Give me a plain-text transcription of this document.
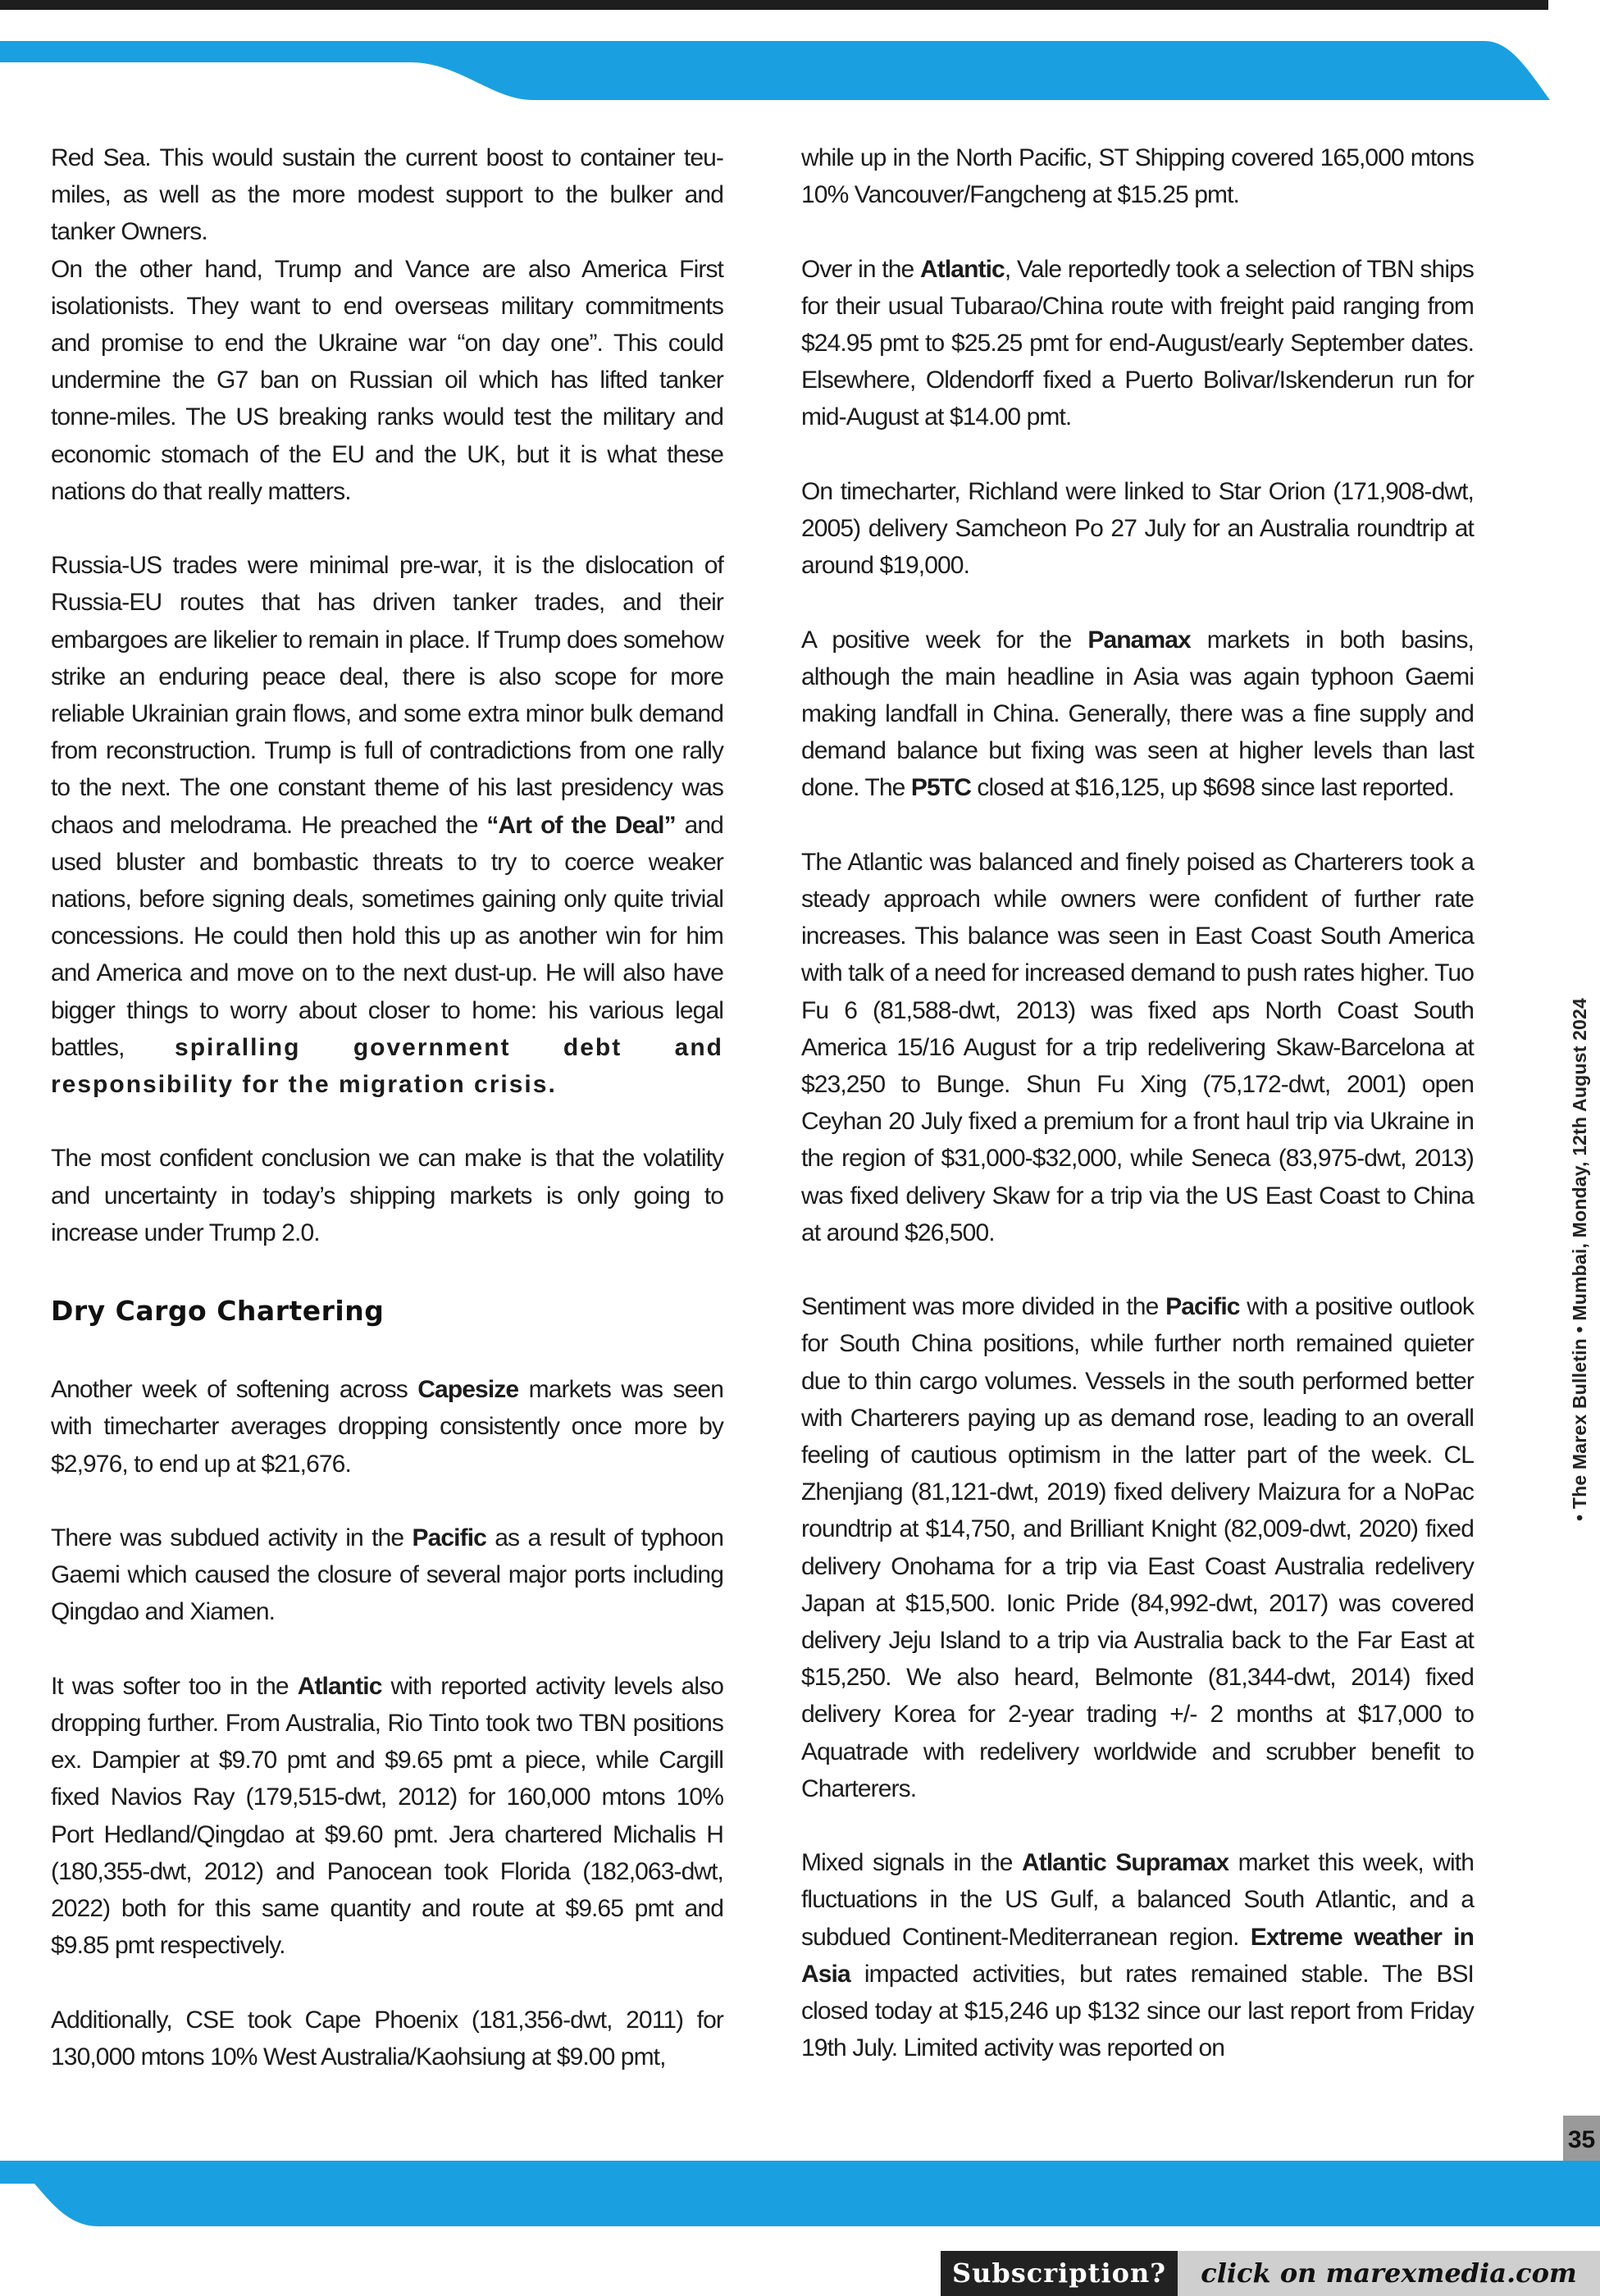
Red Sea. This would sustain the current boost to container teu-miles, as well as the more modest support to the bulker and tanker Owners.

On the other hand, Trump and Vance are also America First isolationists. They want to end overseas military commitments and promise to end the Ukraine war “on day one”. This could undermine the G7 ban on Russian oil which has lifted tanker tonne-miles. The US breaking ranks would test the military and economic stomach of the EU and the UK, but it is what these nations do that really matters.

Russia-US trades were minimal pre-war, it is the dislocation of Russia-EU routes that has driven tanker trades, and their embargoes are likelier to remain in place. If Trump does somehow strike an enduring peace deal, there is also scope for more reliable Ukrainian grain flows, and some extra minor bulk demand from reconstruction. Trump is full of contradictions from one rally to the next. The one constant theme of his last presidency was chaos and melodrama. He preached the “Art of the Deal” and used bluster and bombastic threats to try to coerce weaker nations, before signing deals, sometimes gaining only quite trivial concessions. He could then hold this up as another win for him and America and move on to the next dust-up. He will also have bigger things to worry about closer to home: his various legal battles, spiralling government debt and responsibility for the migration crisis.

The most confident conclusion we can make is that the volatility and uncertainty in today’s shipping markets is only going to increase under Trump 2.0.

Dry Cargo Chartering

Another week of softening across Capesize markets was seen with timecharter averages dropping consistently once more by $2,976, to end up at $21,676.

There was subdued activity in the Pacific as a result of typhoon Gaemi which caused the closure of several major ports including Qingdao and Xiamen.

It was softer too in the Atlantic with reported activity levels also dropping further. From Australia, Rio Tinto took two TBN positions ex. Dampier at $9.70 pmt and $9.65 pmt a piece, while Cargill fixed Navios Ray (179,515-dwt, 2012) for 160,000 mtons 10% Port Hedland/Qingdao at $9.60 pmt. Jera chartered Michalis H (180,355-dwt, 2012) and Panocean took Florida (182,063-dwt, 2022) both for this same quantity and route at $9.65 pmt and $9.85 pmt respectively.

Additionally, CSE took Cape Phoenix (181,356-dwt, 2011) for 130,000 mtons 10% West Australia/Kaohsiung at $9.00 pmt,

while up in the North Pacific, ST Shipping covered 165,000 mtons 10% Vancouver/Fangcheng at $15.25 pmt.

Over in the Atlantic, Vale reportedly took a selection of TBN ships for their usual Tubarao/China route with freight paid ranging from $24.95 pmt to $25.25 pmt for end-August/early September dates. Elsewhere, Oldendorff fixed a Puerto Bolivar/Iskenderun run for mid-August at $14.00 pmt.

On timecharter, Richland were linked to Star Orion (171,908-dwt, 2005) delivery Samcheon Po 27 July for an Australia roundtrip at around $19,000.

A positive week for the Panamax markets in both basins, although the main headline in Asia was again typhoon Gaemi making landfall in China. Generally, there was a fine supply and demand balance but fixing was seen at higher levels than last done. The P5TC closed at $16,125, up $698 since last reported.

The Atlantic was balanced and finely poised as Charterers took a steady approach while owners were confident of further rate increases. This balance was seen in East Coast South America with talk of a need for increased demand to push rates higher. Tuo Fu 6 (81,588-dwt, 2013) was fixed aps North Coast South America 15/16 August for a trip redelivering Skaw-Barcelona at $23,250 to Bunge. Shun Fu Xing (75,172-dwt, 2001) open Ceyhan 20 July fixed a premium for a front haul trip via Ukraine in the region of $31,000-$32,000, while Seneca (83,975-dwt, 2013) was fixed delivery Skaw for a trip via the US East Coast to China at around $26,500.

Sentiment was more divided in the Pacific with a positive outlook for South China positions, while further north remained quieter due to thin cargo volumes. Vessels in the south performed better with Charterers paying up as demand rose, leading to an overall feeling of cautious optimism in the latter part of the week. CL Zhenjiang (81,121-dwt, 2019) fixed delivery Maizura for a NoPac roundtrip at $14,750, and Brilliant Knight (82,009-dwt, 2020) fixed delivery Onohama for a trip via East Coast Australia redelivery Japan at $15,500. Ionic Pride (84,992-dwt, 2017) was covered delivery Jeju Island to a trip via Australia back to the Far East at $15,250. We also heard, Belmonte (81,344-dwt, 2014) fixed delivery Korea for 2-year trading +/- 2 months at $17,000 to Aquatrade with redelivery worldwide and scrubber benefit to Charterers.

Mixed signals in the Atlantic Supramax market this week, with fluctuations in the US Gulf, a balanced South Atlantic, and a subdued Continent-Mediterranean region. Extreme weather in Asia impacted activities, but rates remained stable. The BSI closed today at $15,246 up $132 since our last report from Friday 19th July. Limited activity was reported on

• The Marex Bulletin • Mumbai, Monday, 12th August 2024
35
Subscription?	click on marexmedia.com
